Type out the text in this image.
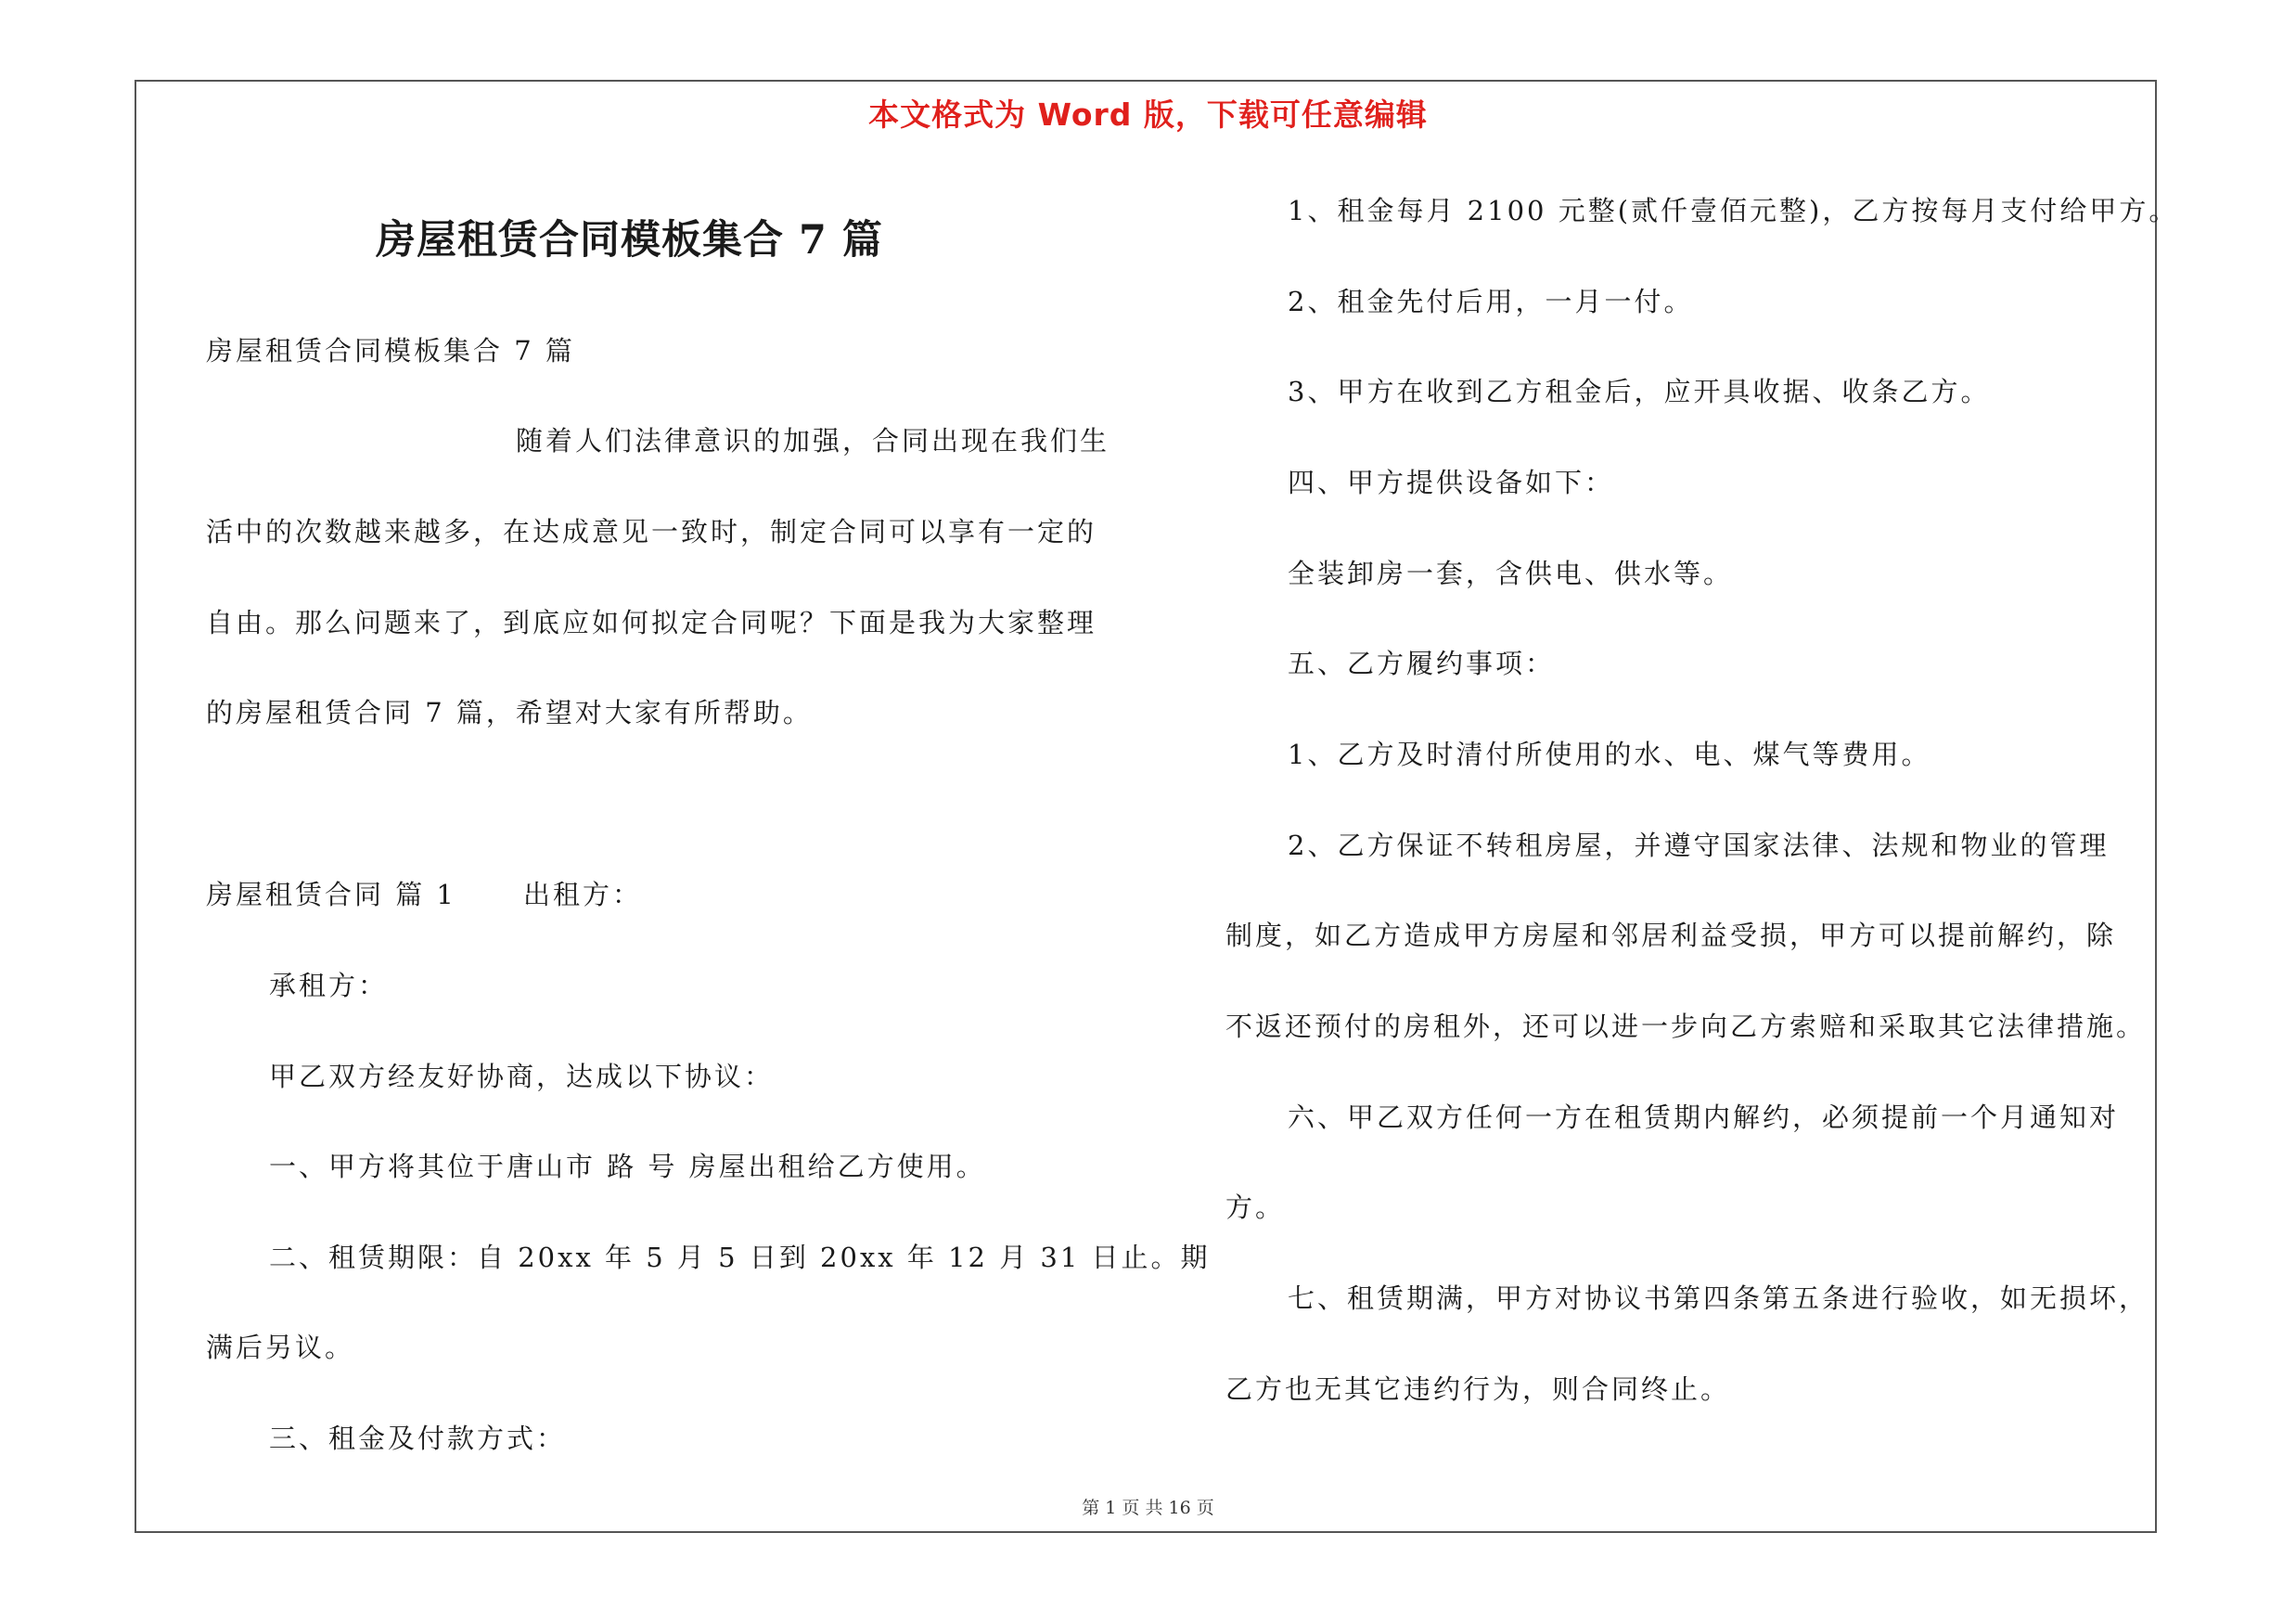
本文格式为 Word 版，下载可任意编辑
房屋租赁合同模板集合 7 篇
房屋租赁合同模板集合 7 篇
随着人们法律意识的加强，合同出现在我们生
活中的次数越来越多，在达成意见一致时，制定合同可以享有一定的
自由。那么问题来了，到底应如何拟定合同呢？下面是我为大家整理
的房屋租赁合同 7 篇，希望对大家有所帮助。
房屋租赁合同 篇 1 出租方：
承租方：
甲乙双方经友好协商，达成以下协议：
一、甲方将其位于唐山市 路 号 房屋出租给乙方使用。
二、租赁期限：自 20xx 年 5 月 5 日到 20xx 年 12 月 31 日止。期
满后另议。
三、租金及付款方式：
1、租金每月 2100 元整(贰仟壹佰元整)，乙方按每月支付给甲方。
2、租金先付后用，一月一付。
3、甲方在收到乙方租金后，应开具收据、收条乙方。
四、甲方提供设备如下：
全装卸房一套，含供电、供水等。
五、乙方履约事项：
1、乙方及时清付所使用的水、电、煤气等费用。
2、乙方保证不转租房屋，并遵守国家法律、法规和物业的管理
制度，如乙方造成甲方房屋和邻居利益受损，甲方可以提前解约，除
不返还预付的房租外，还可以进一步向乙方索赔和采取其它法律措施。
六、甲乙双方任何一方在租赁期内解约，必须提前一个月通知对
方。
七、租赁期满，甲方对协议书第四条第五条进行验收，如无损坏，
乙方也无其它违约行为，则合同终止。
第 1 页 共 16 页
